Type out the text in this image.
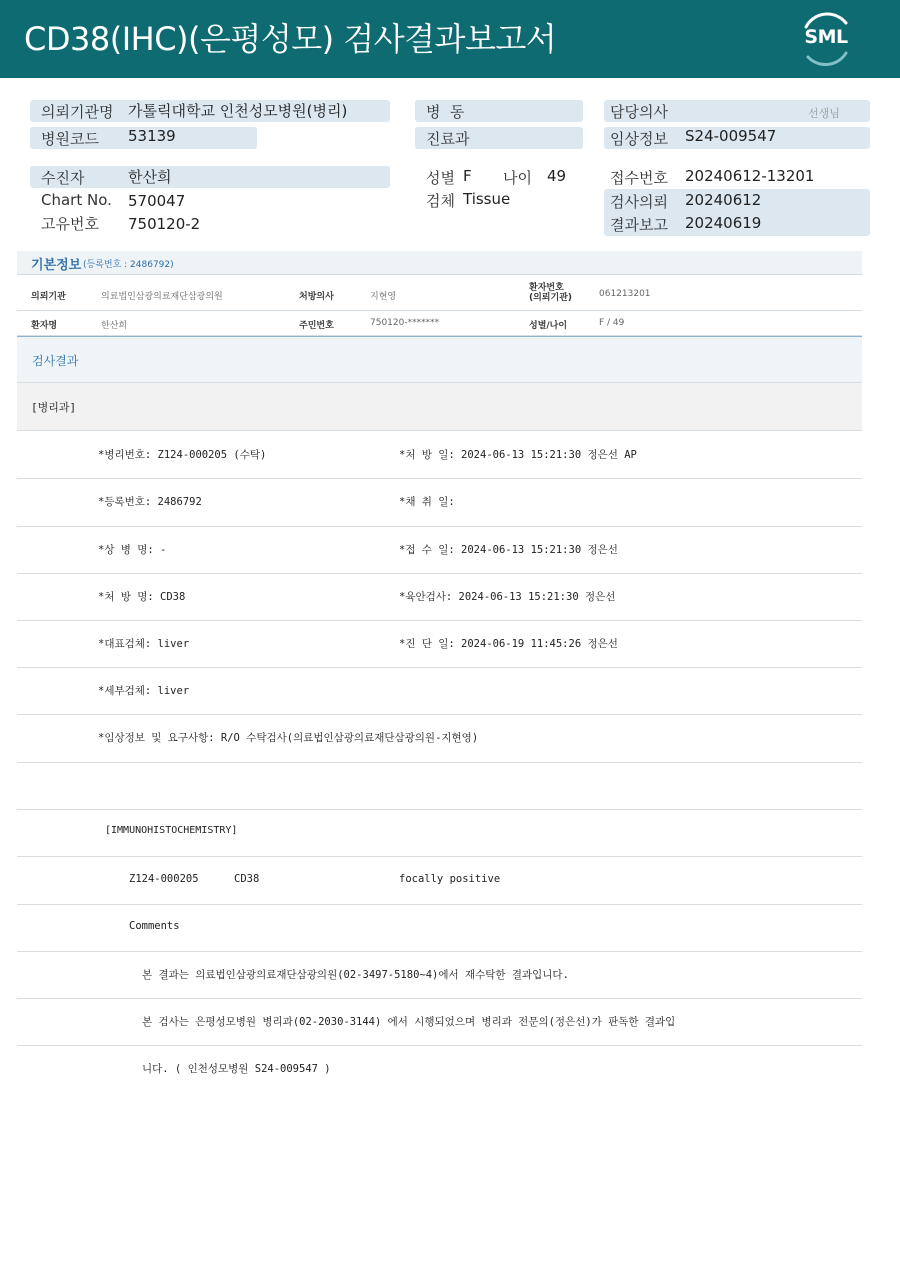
CD38(IHC)(은평성모) 검사결과보고서	SML
의뢰기관명 가톨릭대학교 인천성모병원(병리)
병원코드 53139
병  동
진료과
담당의사	선생님
임상정보 S24-009547
수진자	한산희
Chart No. 570047
고유번호 750120-2
성별 F 나이 49
검체 Tissue
접수번호 20240612-13201
검사의뢰 20240612
결과보고 20240619
기본정보 (등록번호 : 2486792)
의뢰기관	의료법인삼광의료재단삼광의원	처방의사	지현영
환자번호
(의뢰기관)	061213201
환자명	한산희	주민번호	750120-*******	성별/나이	F / 49
검사결과
[병리과]
*병리번호: Z124-000205 (수탁)	*처 방 일: 2024-06-13 15:21:30 정은선 AP
*등록번호: 2486792	*채 취 일:
*상 병 명: -	*접 수 일: 2024-06-13 15:21:30 정은선
*처 방 명: CD38	*육안검사: 2024-06-13 15:21:30 정은선
*대표검체: liver	*진 단 일: 2024-06-19 11:45:26 정은선
*세부검체: liver
*임상정보 및 요구사항: R/O 수탁검사(의료법인삼광의료재단삼광의원-지현영)
[IMMUNOHISTOCHEMISTRY]
Z124-000205	CD38	focally positive
Comments
본 결과는 의료법인삼광의료재단삼광의원(02-3497-5180~4)에서 재수탁한 결과입니다.
본 검사는 은평성모병원 병리과(02-2030-3144) 에서 시행되었으며 병리과 전문의(정은선)가 판독한 결과입
니다. ( 인천성모병원 S24-009547 )
